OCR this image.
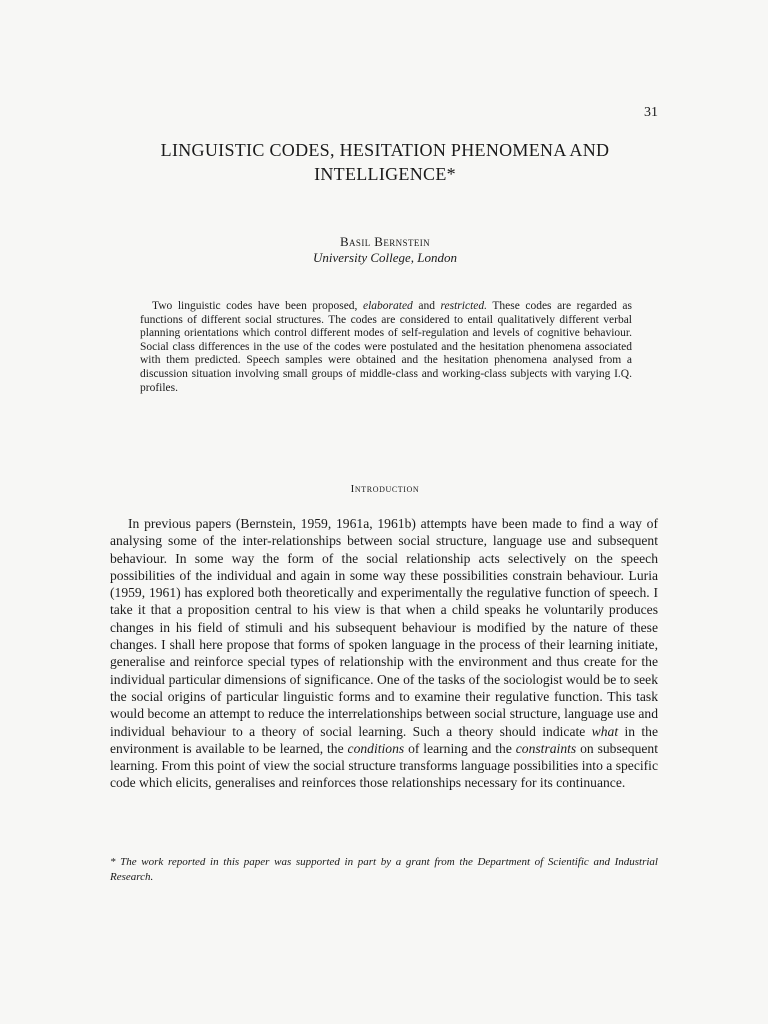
31
LINGUISTIC CODES, HESITATION PHENOMENA AND INTELLIGENCE*
Basil Bernstein
University College, London

Two linguistic codes have been proposed, elaborated and restricted. These codes are regarded as functions of different social structures. The codes are considered to entail qualitatively different verbal planning orientations which control different modes of self-regulation and levels of cognitive behaviour. Social class differences in the use of the codes were postulated and the hesitation phenomena associated with them predicted. Speech samples were obtained and the hesitation phenomena analysed from a discussion situation involving small groups of middle-class and working-class subjects with varying I.Q. profiles.

Introduction

In previous papers (Bernstein, 1959, 1961a, 1961b) attempts have been made to find a way of analysing some of the inter-relationships between social structure, language use and subsequent behaviour. In some way the form of the social relationship acts selectively on the speech possibilities of the individual and again in some way these possibilities constrain behaviour. Luria (1959, 1961) has explored both theoretically and experimentally the regulative function of speech. I take it that a proposition central to his view is that when a child speaks he voluntarily produces changes in his field of stimuli and his subsequent behaviour is modified by the nature of these changes. I shall here propose that forms of spoken language in the process of their learning initiate, generalise and reinforce special types of relationship with the environment and thus create for the individual particular dimensions of significance. One of the tasks of the sociologist would be to seek the social origins of particular linguistic forms and to examine their regulative function. This task would become an attempt to reduce the interrelationships between social structure, language use and individual behaviour to a theory of social learning. Such a theory should indicate what in the environment is available to be learned, the conditions of learning and the constraints on subsequent learning. From this point of view the social structure transforms language possibilities into a specific code which elicits, generalises and reinforces those relationships necessary for its continuance.

* The work reported in this paper was supported in part by a grant from the Department of Scientific and Industrial Research.
